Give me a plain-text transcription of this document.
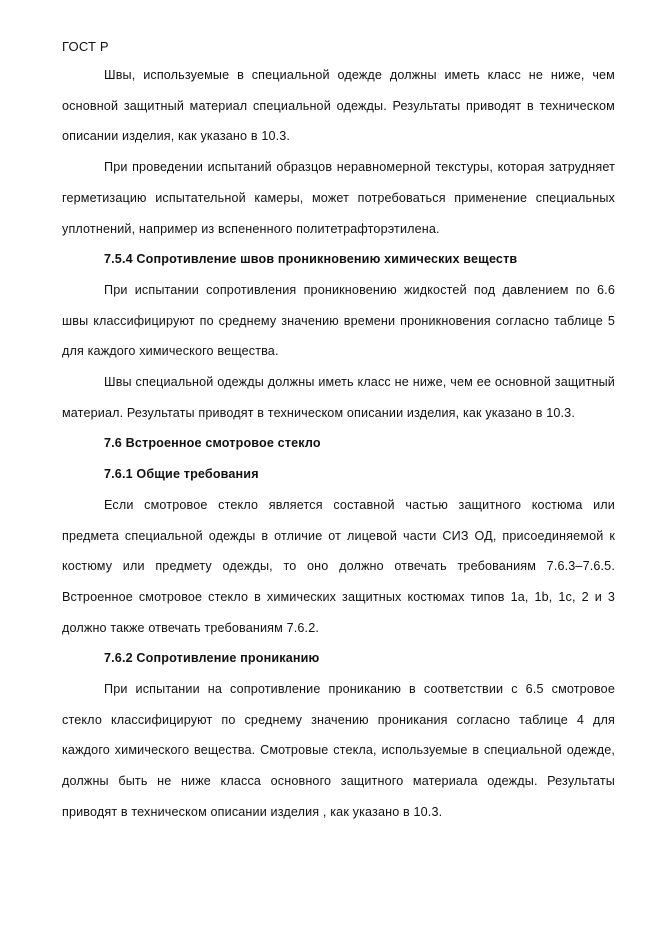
ГОСТ Р

Швы, используемые в специальной одежде должны иметь класс не ниже, чем основной защитный материал специальной одежды. Результаты приводят в техническом описании изделия, как указано в 10.3.

При проведении испытаний образцов неравномерной текстуры, которая затрудняет герметизацию испытательной камеры, может потребоваться применение специальных уплотнений, например из вспененного политетрафторэтилена.

7.5.4 Сопротивление швов проникновению химических веществ

При испытании сопротивления проникновению жидкостей под давлением по 6.6 швы классифицируют по среднему значению времени проникновения согласно таблице 5 для каждого химического вещества.

Швы специальной одежды должны иметь класс не ниже, чем ее основной защитный материал. Результаты приводят в техническом описании изделия, как указано в 10.3.

7.6 Встроенное смотровое стекло

7.6.1 Общие требования

Если смотровое стекло является составной частью защитного костюма или предмета специальной одежды в отличие от лицевой части СИЗ ОД, присоединяемой к костюму или предмету одежды, то оно должно отвечать требованиям 7.6.3–7.6.5. Встроенное смотровое стекло в химических защитных костюмах типов 1a, 1b, 1c, 2 и 3 должно также отвечать требованиям 7.6.2.

7.6.2 Сопротивление прониканию

При испытании на сопротивление прониканию в соответствии с 6.5 смотровое стекло классифицируют по среднему значению проникания согласно таблице 4 для каждого химического вещества. Смотровые стекла, используемые в специальной одежде, должны быть не ниже класса основного защитного материала одежды. Результаты приводят в техническом описании изделия , как указано в 10.3.
